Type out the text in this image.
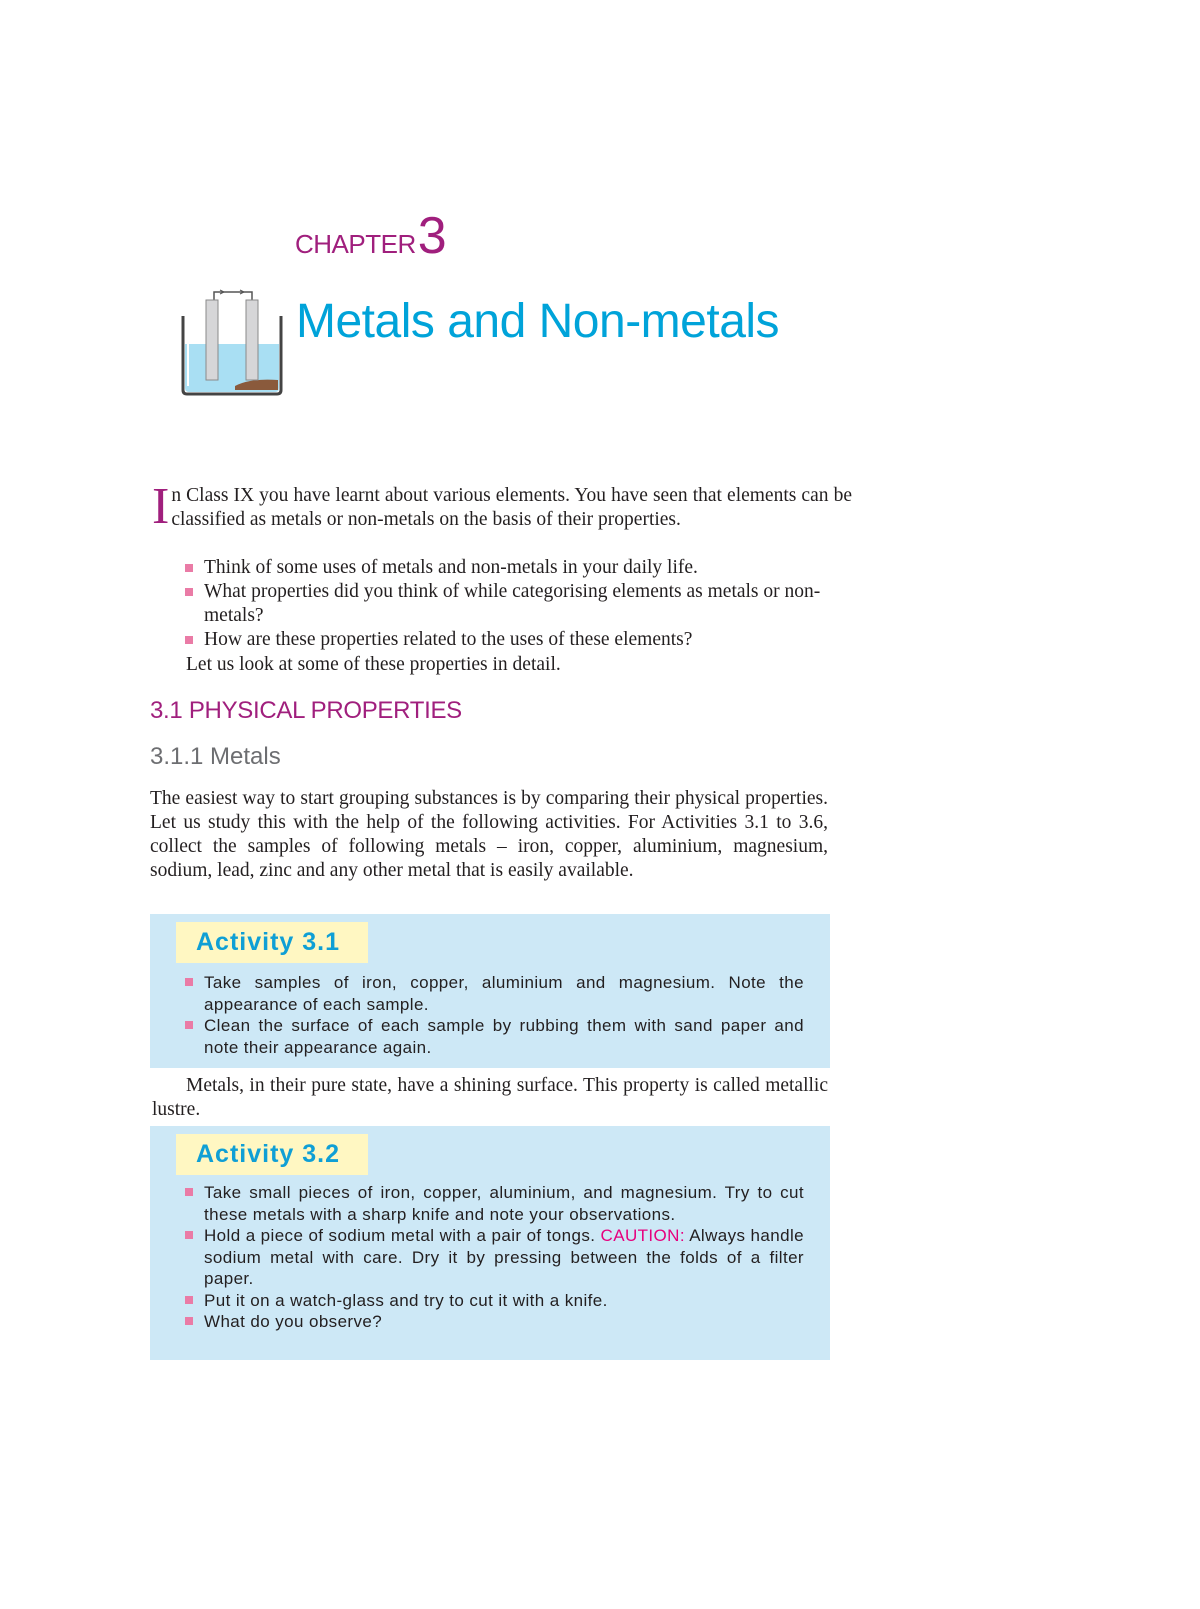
CHAPTER3
Metals and Non-metals
In Class IX you have learnt about various elements. You have seen that elements can be classified as metals or non-metals on the basis of their properties.
Think of some uses of metals and non-metals in your daily life.
What properties did you think of while categorising elements as metals or non-metals?
How are these properties related to the uses of these elements?
Let us look at some of these properties in detail.
3.1 PHYSICAL PROPERTIES
3.1.1 Metals
The easiest way to start grouping substances is by comparing their physical properties. Let us study this with the help of the following activities. For Activities 3.1 to 3.6, collect the samples of following metals – iron, copper, aluminium, magnesium, sodium, lead, zinc and any other metal that is easily available.
Activity 3.1
Take samples of iron, copper, aluminium and magnesium. Note the appearance of each sample.
Clean the surface of each sample by rubbing them with sand paper and note their appearance again.
Metals, in their pure state, have a shining surface. This property is called metallic lustre.
Activity 3.2
Take small pieces of iron, copper, aluminium, and magnesium. Try to cut these metals with a sharp knife and note your observations.
Hold a piece of sodium metal with a pair of tongs. CAUTION: Always handle sodium metal with care. Dry it by pressing between the folds of a filter paper.
Put it on a watch-glass and try to cut it with a knife.
What do you observe?
